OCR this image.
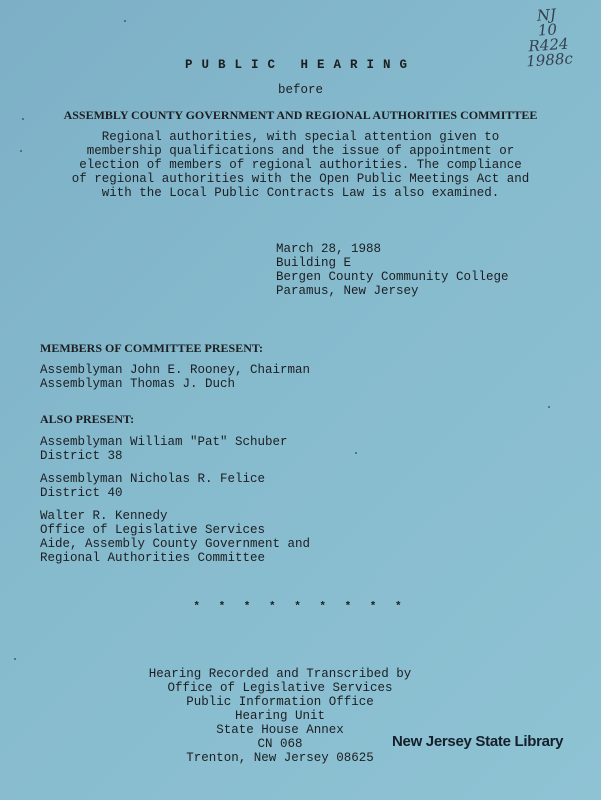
NJ
10
R424
1988c
PUBLIC HEARING
before
ASSEMBLY COUNTY GOVERNMENT AND REGIONAL AUTHORITIES COMMITTEE
Regional authorities, with special attention given to
membership qualifications and the issue of appointment or
election of members of regional authorities. The compliance
of regional authorities with the Open Public Meetings Act and
with the Local Public Contracts Law is also examined.
March 28, 1988
Building E
Bergen County Community College
Paramus, New Jersey
MEMBERS OF COMMITTEE PRESENT:
Assemblyman John E. Rooney, Chairman
Assemblyman Thomas J. Duch
ALSO PRESENT:
Assemblyman William "Pat" Schuber
District 38
Assemblyman Nicholas R. Felice
District 40
Walter R. Kennedy
Office of Legislative Services
Aide, Assembly County Government and
Regional Authorities Committee
* * * * * * * * *
Hearing Recorded and Transcribed by
Office of Legislative Services
Public Information Office
Hearing Unit
State House Annex
CN 068
Trenton, New Jersey 08625
New Jersey State Library
